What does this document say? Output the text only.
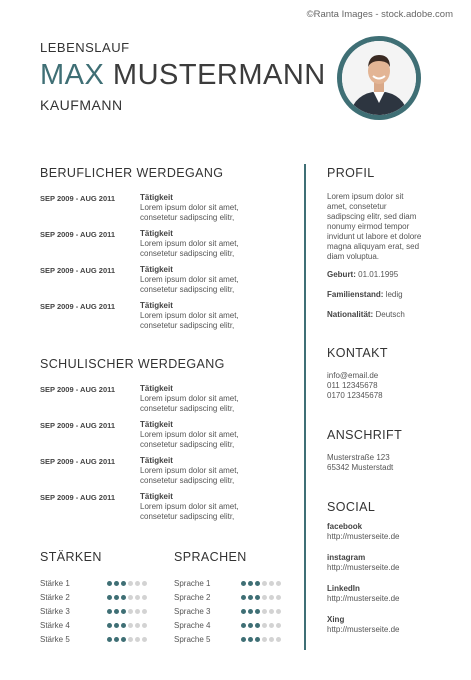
©Ranta Images - stock.adobe.com
LEBENSLAUF
MAX MUSTERMANN
KAUFMANN
BERUFLICHER WERDEGANG
SEP 2009 - AUG 2011	Tätigkeit
Lorem ipsum dolor sit amet,
consetetur sadipscing elitr,
SEP 2009 - AUG 2011	Tätigkeit
Lorem ipsum dolor sit amet,
consetetur sadipscing elitr,
SEP 2009 - AUG 2011	Tätigkeit
Lorem ipsum dolor sit amet,
consetetur sadipscing elitr,
SEP 2009 - AUG 2011	Tätigkeit
Lorem ipsum dolor sit amet,
consetetur sadipscing elitr,
SCHULISCHER WERDEGANG
SEP 2009 - AUG 2011	Tätigkeit
Lorem ipsum dolor sit amet,
consetetur sadipscing elitr,
SEP 2009 - AUG 2011	Tätigkeit
Lorem ipsum dolor sit amet,
consetetur sadipscing elitr,
SEP 2009 - AUG 2011	Tätigkeit
Lorem ipsum dolor sit amet,
consetetur sadipscing elitr,
SEP 2009 - AUG 2011	Tätigkeit
Lorem ipsum dolor sit amet,
consetetur sadipscing elitr,
STÄRKEN	SPRACHEN
Stärke 1
Stärke 2
Stärke 3
Stärke 4
Stärke 5
Sprache 1
Sprache 2
Sprache 3
Sprache 4
Sprache 5
PROFIL
Lorem ipsum dolor sit
amet, consetetur
sadipscing elitr, sed diam
nonumy eirmod tempor
invidunt ut labore et dolore
magna aliquyam erat, sed
diam voluptua.
Geburt: 01.01.1995
Familienstand: ledig
Nationalität: Deutsch
KONTAKT
info@email.de
011 12345678
0170 12345678
ANSCHRIFT
Musterstraße 123
65342 Musterstadt
SOCIAL
facebook
http://musterseite.de
instagram
http://musterseite.de
LinkedIn
http://musterseite.de
Xing
http://musterseite.de
